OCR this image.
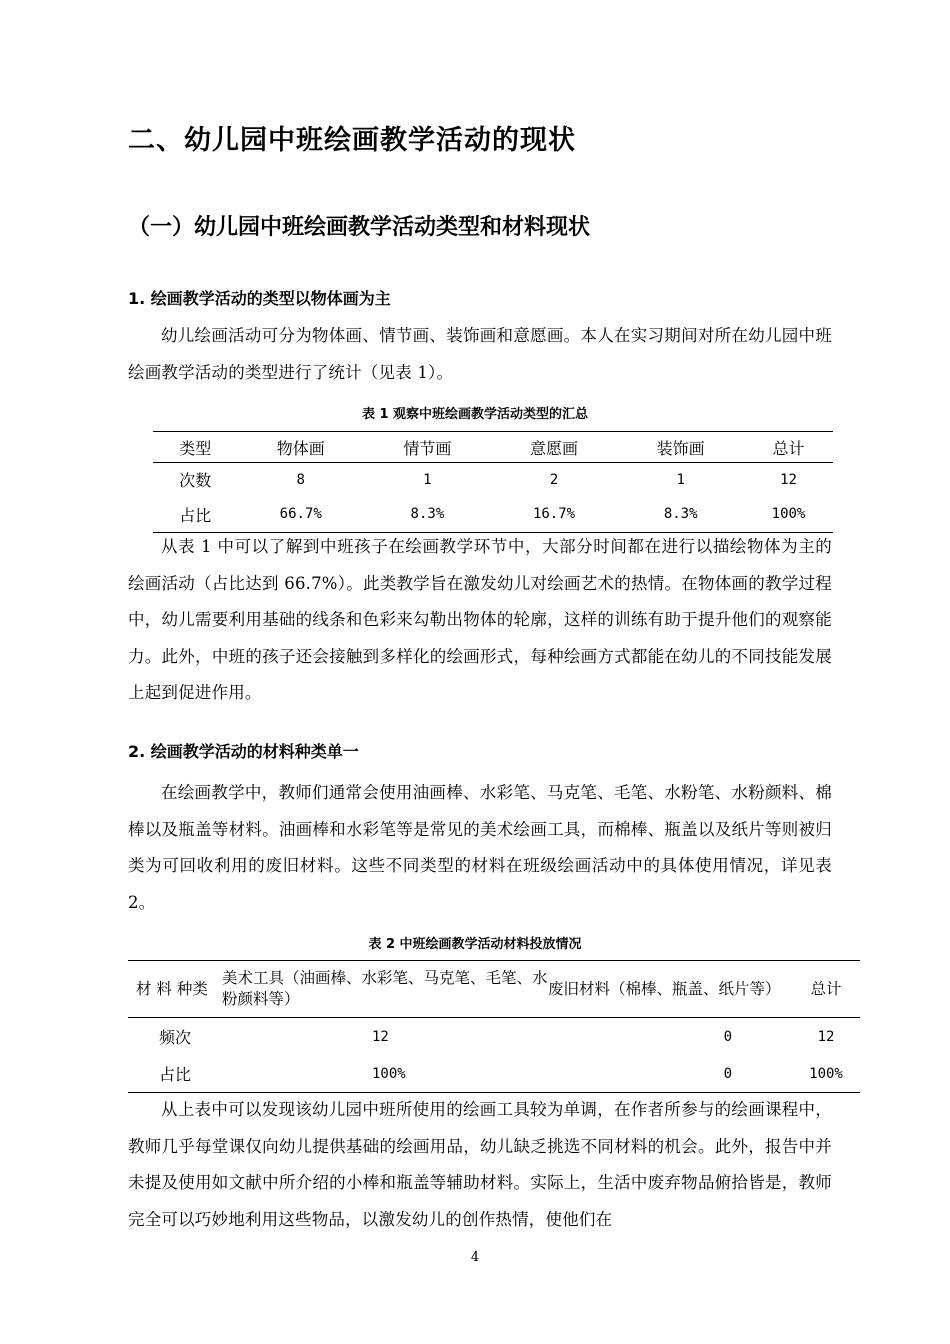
二、幼儿园中班绘画教学活动的现状
（一）幼儿园中班绘画教学活动类型和材料现状
1. 绘画教学活动的类型以物体画为主

幼儿绘画活动可分为物体画、情节画、装饰画和意愿画。本人在实习期间对所在幼儿园中班绘画教学活动的类型进行了统计（见表 1）。

表 1 观察中班绘画教学活动类型的汇总

类型	物体画	情节画	意愿画	装饰画	总计
次数	8	1	2	1	12
占比	66.7%	8.3%	16.7%	8.3%	100%

从表 1 中可以了解到中班孩子在绘画教学环节中，大部分时间都在进行以描绘物体为主的绘画活动（占比达到 66.7%）。此类教学旨在激发幼儿对绘画艺术的热情。在物体画的教学过程中，幼儿需要利用基础的线条和色彩来勾勒出物体的轮廓，这样的训练有助于提升他们的观察能力。此外，中班的孩子还会接触到多样化的绘画形式，每种绘画方式都能在幼儿的不同技能发展上起到促进作用。

2. 绘画教学活动的材料种类单一

在绘画教学中，教师们通常会使用油画棒、水彩笔、马克笔、毛笔、水粉笔、水粉颜料、棉棒以及瓶盖等材料。油画棒和水彩笔等是常见的美术绘画工具，而棉棒、瓶盖以及纸片等则被归类为可回收利用的废旧材料。这些不同类型的材料在班级绘画活动中的具体使用情况，详见表 2。

表 2 中班绘画教学活动材料投放情况

材 料 种类	美术工具（油画棒、水彩笔、马克笔、毛笔、水粉颜料等）	废旧材料（棉棒、瓶盖、纸片等）	总计
频次	12	0	12
占比	100%	0	100%

从上表中可以发现该幼儿园中班所使用的绘画工具较为单调，在作者所参与的绘画课程中，教师几乎每堂课仅向幼儿提供基础的绘画用品，幼儿缺乏挑选不同材料的机会。此外，报告中并未提及使用如文献中所介绍的小棒和瓶盖等辅助材料。实际上，生活中废弃物品俯拾皆是，教师完全可以巧妙地利用这些物品，以激发幼儿的创作热情，使他们在

4
